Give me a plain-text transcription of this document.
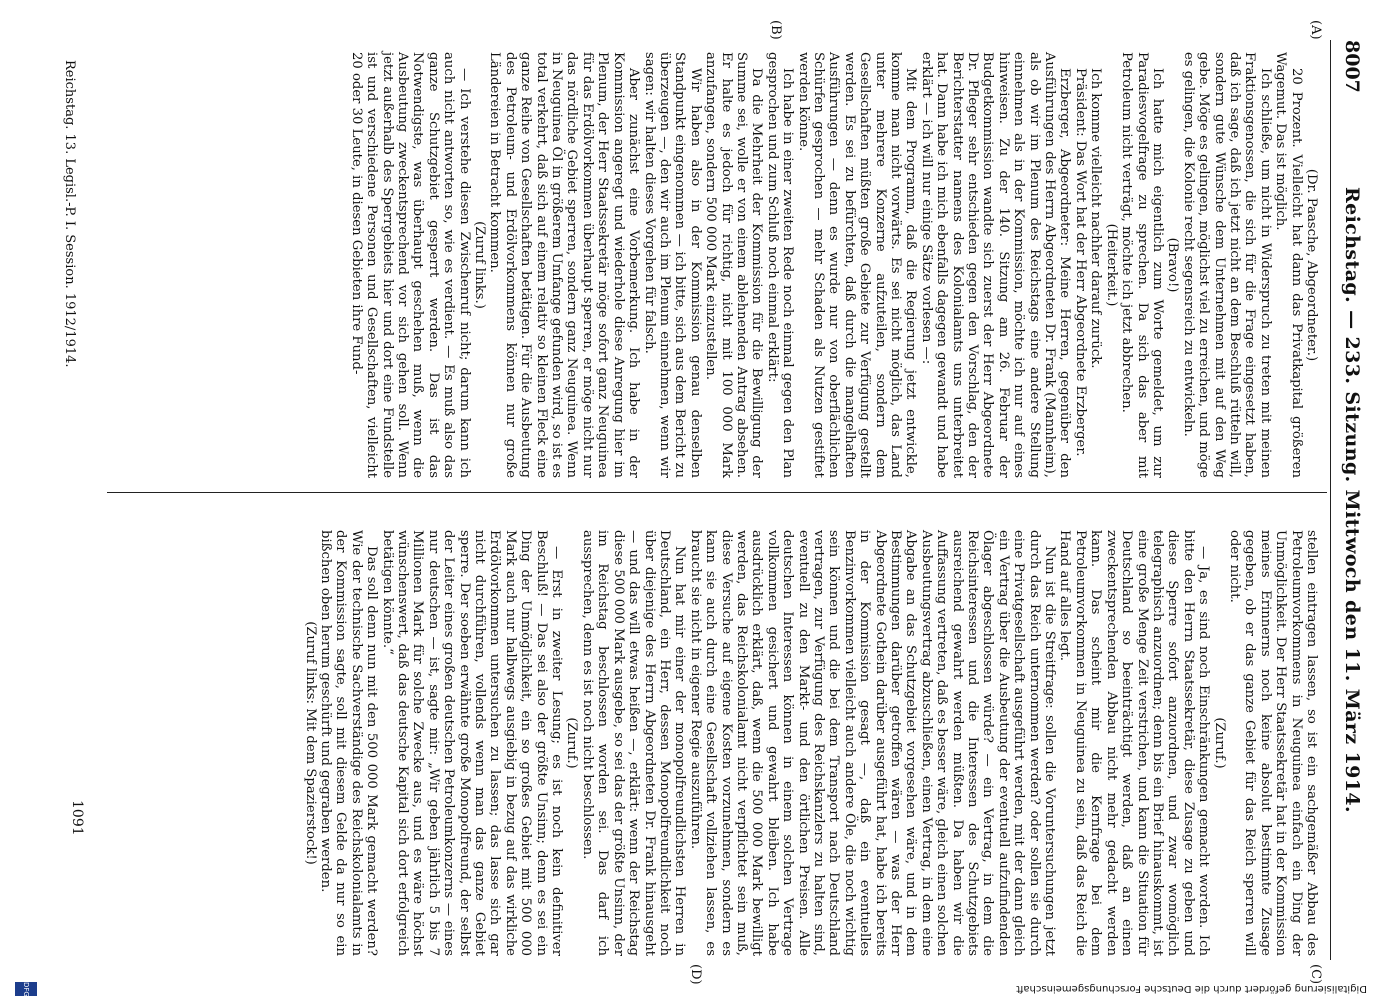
8007
Reichstag. — 233. Sitzung. Mittwoch den 11. März 1914.
(A)
(B)
(C)
(D)

(Dr. Paasche, Abgeordneter.)

20 Prozent. Vielleicht hat dann das Privatkapital größeren Wagemut. Das ist möglich.

Ich schließe, um nicht in Widerspruch zu treten mit meinen Fraktionsgenossen, die sich für die Frage eingesetzt haben, daß ich sage, daß ich jetzt nicht an dem Beschluß rütteln will, sondern gute Wünsche dem Unternehmen mit auf den Weg gebe. Möge es gelingen, möglichst viel zu erreichen, und möge es gelingen, die Kolonie recht segensreich zu entwickeln.

(Bravo!)

Ich hatte mich eigentlich zum Worte gemeldet, um zur Paradiesvogelfrage zu sprechen. Da sich das aber mit Petroleum nicht verträgt, möchte ich jetzt abbrechen.

(Heiterkeit.)

Ich komme vielleicht nachher darauf zurück.

Präsident: Das Wort hat der Herr Abgeordnete Erzberger.

Erzberger, Abgeordneter: Meine Herren, gegenüber den Ausführungen des Herrn Abgeordneten Dr. Frank (Mannheim), als ob wir im Plenum des Reichstags eine andere Stellung einnehmen als in der Kommission, möchte ich nur auf eines hinweisen. Zu der 140. Sitzung am 26. Februar der Budgetkommission wandte sich zuerst der Herr Abgeordnete Dr. Pfleger sehr entschieden gegen den Vorschlag, den der Berichterstatter namens des Kolonialamts uns unterbreitet hat. Dann habe ich mich ebenfalls dagegen gewandt und habe erklärt — ich will nur einige Sätze vorlesen —:

Mit dem Programm, daß die Regierung jetzt entwickle, komme man nicht vorwärts. Es sei nicht möglich, das Land unter mehrere Konzerne aufzuteilen, sondern dem Gesellschaften müßten große Gebiete zur Verfügung gestellt werden. Es sei zu befürchten, daß durch die mangelhaften Ausführungen — denn es wurde nur von oberflächlichen Schürfen gesprochen — mehr Schaden als Nutzen gestiftet werden könne.

Ich habe in einer zweiten Rede noch einmal gegen den Plan gesprochen und zum Schluß noch einmal erklärt:

Da die Mehrheit der Kommission für die Bewilligung der Summe sei, wolle er von einem ablehnenden Antrag absehen. Er halte es jedoch für richtig, nicht mit 100 000 Mark anzufangen, sondern 500 000 Mark einzustellen.

Wir haben also in der Kommission genau denselben Standpunkt eingenommen — ich bitte, sich aus dem Bericht zu überzeugen —, den wir auch im Plenum einnehmen, wenn wir sagen: wir halten dieses Vorgehen für falsch.

Aber zunächst eine Vorbemerkung. Ich habe in der Kommission angeregt und wiederhole diese Anregung hier im Plenum, der Herr Staatssekretär möge sofort ganz Neuguinea für das Erdölvorkommen überhaupt sperren, er möge nicht nur das nördliche Gebiet sperren, sondern ganz Neuguinea. Wenn in Neuguinea Öl in größerem Umfange gefunden wird, so ist es total verkehrt, daß sich auf einem relativ so kleinen Fleck eine ganze Reihe von Gesellschaften betätigen. Für die Ausbeutung des Petroleum- und Erdölvorkommens können nur große Ländereien in Betracht kommen.

(Zuruf links.)

— Ich verstehe diesen Zwischenruf nicht; darum kann ich auch nicht antworten so, wie es verdient. — Es muß also das ganze Schutzgebiet gesperrt werden. Das ist das Notwendigste, was überhaupt geschehen muß, wenn die Ausbeutung zweckentsprechend vor sich gehen soll. Wenn jetzt außerhalb des Sperrgebiets hier und dort eine Fundstelle ist und verschiedene Personen und Gesellschaften, vielleicht 20 oder 30 Leute, in diesen Gebieten ihre Fund-

stellen eintragen lassen, so ist ein sachgemäßer Abbau des Petroleumvorkommens in Neuguinea einfach ein Ding der Unmöglichkeit. Der Herr Staatssekretär hat in der Kommission meines Erinnerns noch keine absolut bestimmte Zusage gegeben, ob er das ganze Gebiet für das Reich sperren will oder nicht.

(Zuruf.)

— Ja, es sind noch Einschränkungen gemacht worden. Ich bitte den Herrn Staatssekretär, diese Zusage zu geben und diese Sperre sofort anzuordnen, und zwar womöglich telegraphisch anzuordnen; denn bis ein Brief hinauskommt, ist eine große Menge Zeit verstrichen, und kann die Situation für Deutschland so beeinträchtigt werden, daß an einen zweckentsprechenden Abbau nicht mehr gedacht werden kann. Das scheint mir die Kernfrage bei dem Petroleumvorkommen in Neuguinea zu sein, daß das Reich die Hand auf alles legt.

Nun ist die Streitfrage: sollen die Voruntersuchungen jetzt durch das Reich unternommen werden? oder sollen sie durch eine Privatgesellschaft ausgeführt werden, mit der dann gleich ein Vertrag über die Ausbeutung der eventuell aufzufindenden Ölager abgeschlossen würde? — ein Vertrag, in dem die Reichsinteressen und die Interessen des Schutzgebiets ausreichend gewahrt werden müßten. Da haben wir die Auffassung vertreten, daß es besser wäre, gleich einen solchen Ausbeutungsvertrag abzuschließen, einen Vertrag, in dem eine Abgabe an das Schutzgebiet vorgesehen wäre, und in dem Bestimmungen darüber getroffen wären — was der Herr Abgeordnete Gothein darüber ausgeführt hat, habe ich bereits in der Kommission gesagt —, daß ein eventuelles Benzinvorkommen vielleicht auch andere Öle, die noch wichtig sein können und die bei dem Transport nach Deutschland vertragen, zur Verfügung des Reichskanzlers zu halten sind, eventuell zu den Markt- und den örtlichen Preisen. Alle deutschen Interessen können in einem solchen Vertrage vollkommen gesichert und gewahrt bleiben. Ich habe ausdrücklich erklärt, daß, wenn die 500 000 Mark bewilligt werden, das Reichskolonialamt nicht verpflichtet sein muß, diese Versuche auf eigene Kosten vorzunehmen, sondern es kann sie auch durch eine Gesellschaft vollziehen lassen, es braucht sie nicht in eigener Regie auszuführen.

Nun hat mir einer der monopolfreundlichsten Herren in Deutschland, ein Herr, dessen Monopolfreundlichkeit noch über diejenige des Herrn Abgeordneten Dr. Frank hinausgeht — und das will etwas heißen —, erklärt: wenn der Reichstag diese 500 000 Mark ausgebe, so sei das der größte Unsinn, der im Reichstag beschlossen worden sei. Das darf ich aussprechen, denn es ist noch nicht beschlossen.

(Zuruf.)

— Erst in zweiter Lesung; es ist noch kein definitiver Beschluß! — Das sei also der größte Unsinn; denn es sei ein Ding der Unmöglichkeit, ein so großes Gebiet mit 500 000 Mark auch nur halbwegs ausgiebig in bezug auf das wirkliche Erdölvorkommen untersuchen zu lassen; das lasse sich gar nicht durchführen, vollends wenn man das ganze Gebiet sperre. Der soeben erwähnte große Monopolfreund, der selbst der Leiter eines großen deutschen Petroleumkonzerns — eines nur deutschen — ist, sagte mir: „Wir geben jährlich 5 bis 7 Millionen Mark für solche Zwecke aus, und es wäre höchst wünschenswert, daß das deutsche Kapital sich dort erfolgreich betätigen könnte.“

Das soll denn nun mit den 500 000 Mark gemacht werden? Wie der technische Sachverständige des Reichskolonialamts in der Kommission sagte, soll mit diesem Gelde da nur so ein bißchen oben herum geschürft und gegraben werden.

(Zuruf links: Mit dem Spazierstock!)

1091
Reichstag. 13. Legisl.-P. I. Session. 1912/1914.
Digitalisierung gefördert durch die Deutsche Forschungsgemeinschaft
DFG
